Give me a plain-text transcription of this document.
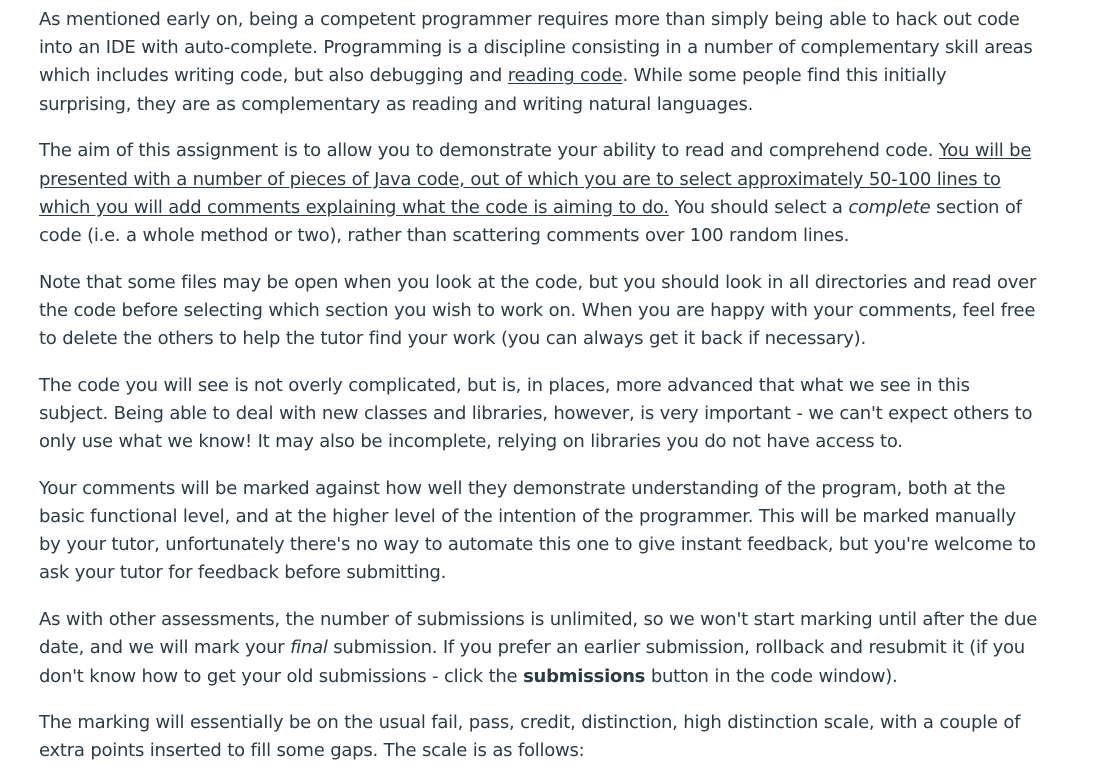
As mentioned early on, being a competent programmer requires more than simply being able to hack out code into an IDE with auto-complete. Programming is a discipline consisting in a number of complementary skill areas which includes writing code, but also debugging and reading code. While some people find this initially surprising, they are as complementary as reading and writing natural languages.

The aim of this assignment is to allow you to demonstrate your ability to read and comprehend code. You will be presented with a number of pieces of Java code, out of which you are to select approximately 50-100 lines to which you will add comments explaining what the code is aiming to do. You should select a complete section of code (i.e. a whole method or two), rather than scattering comments over 100 random lines.

Note that some files may be open when you look at the code, but you should look in all directories and read over the code before selecting which section you wish to work on. When you are happy with your comments, feel free to delete the others to help the tutor find your work (you can always get it back if necessary).

The code you will see is not overly complicated, but is, in places, more advanced that what we see in this subject. Being able to deal with new classes and libraries, however, is very important - we can't expect others to only use what we know! It may also be incomplete, relying on libraries you do not have access to.

Your comments will be marked against how well they demonstrate understanding of the program, both at the basic functional level, and at the higher level of the intention of the programmer. This will be marked manually by your tutor, unfortunately there's no way to automate this one to give instant feedback, but you're welcome to ask your tutor for feedback before submitting.

As with other assessments, the number of submissions is unlimited, so we won't start marking until after the due date, and we will mark your final submission. If you prefer an earlier submission, rollback and resubmit it (if you don't know how to get your old submissions - click the submissions button in the code window).

The marking will essentially be on the usual fail, pass, credit, distinction, high distinction scale, with a couple of extra points inserted to fill some gaps. The scale is as follows:
